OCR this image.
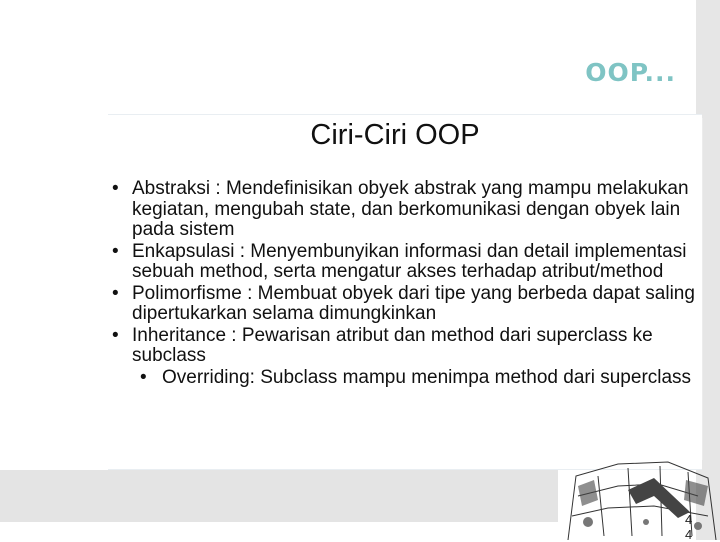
OOP...
Ciri-Ciri OOP
• Abstraksi : Mendefinisikan obyek abstrak yang mampu melakukan kegiatan, mengubah state, dan berkomunikasi dengan obyek lain pada sistem
• Enkapsulasi : Menyembunyikan informasi dan detail implementasi sebuah method, serta mengatur akses terhadap atribut/method
• Polimorfisme : Membuat obyek dari tipe yang berbeda dapat saling dipertukarkan selama dimungkinkan
• Inheritance : Pewarisan atribut dan method dari superclass ke subclass
• Overriding: Subclass mampu menimpa method dari superclass
4
4
